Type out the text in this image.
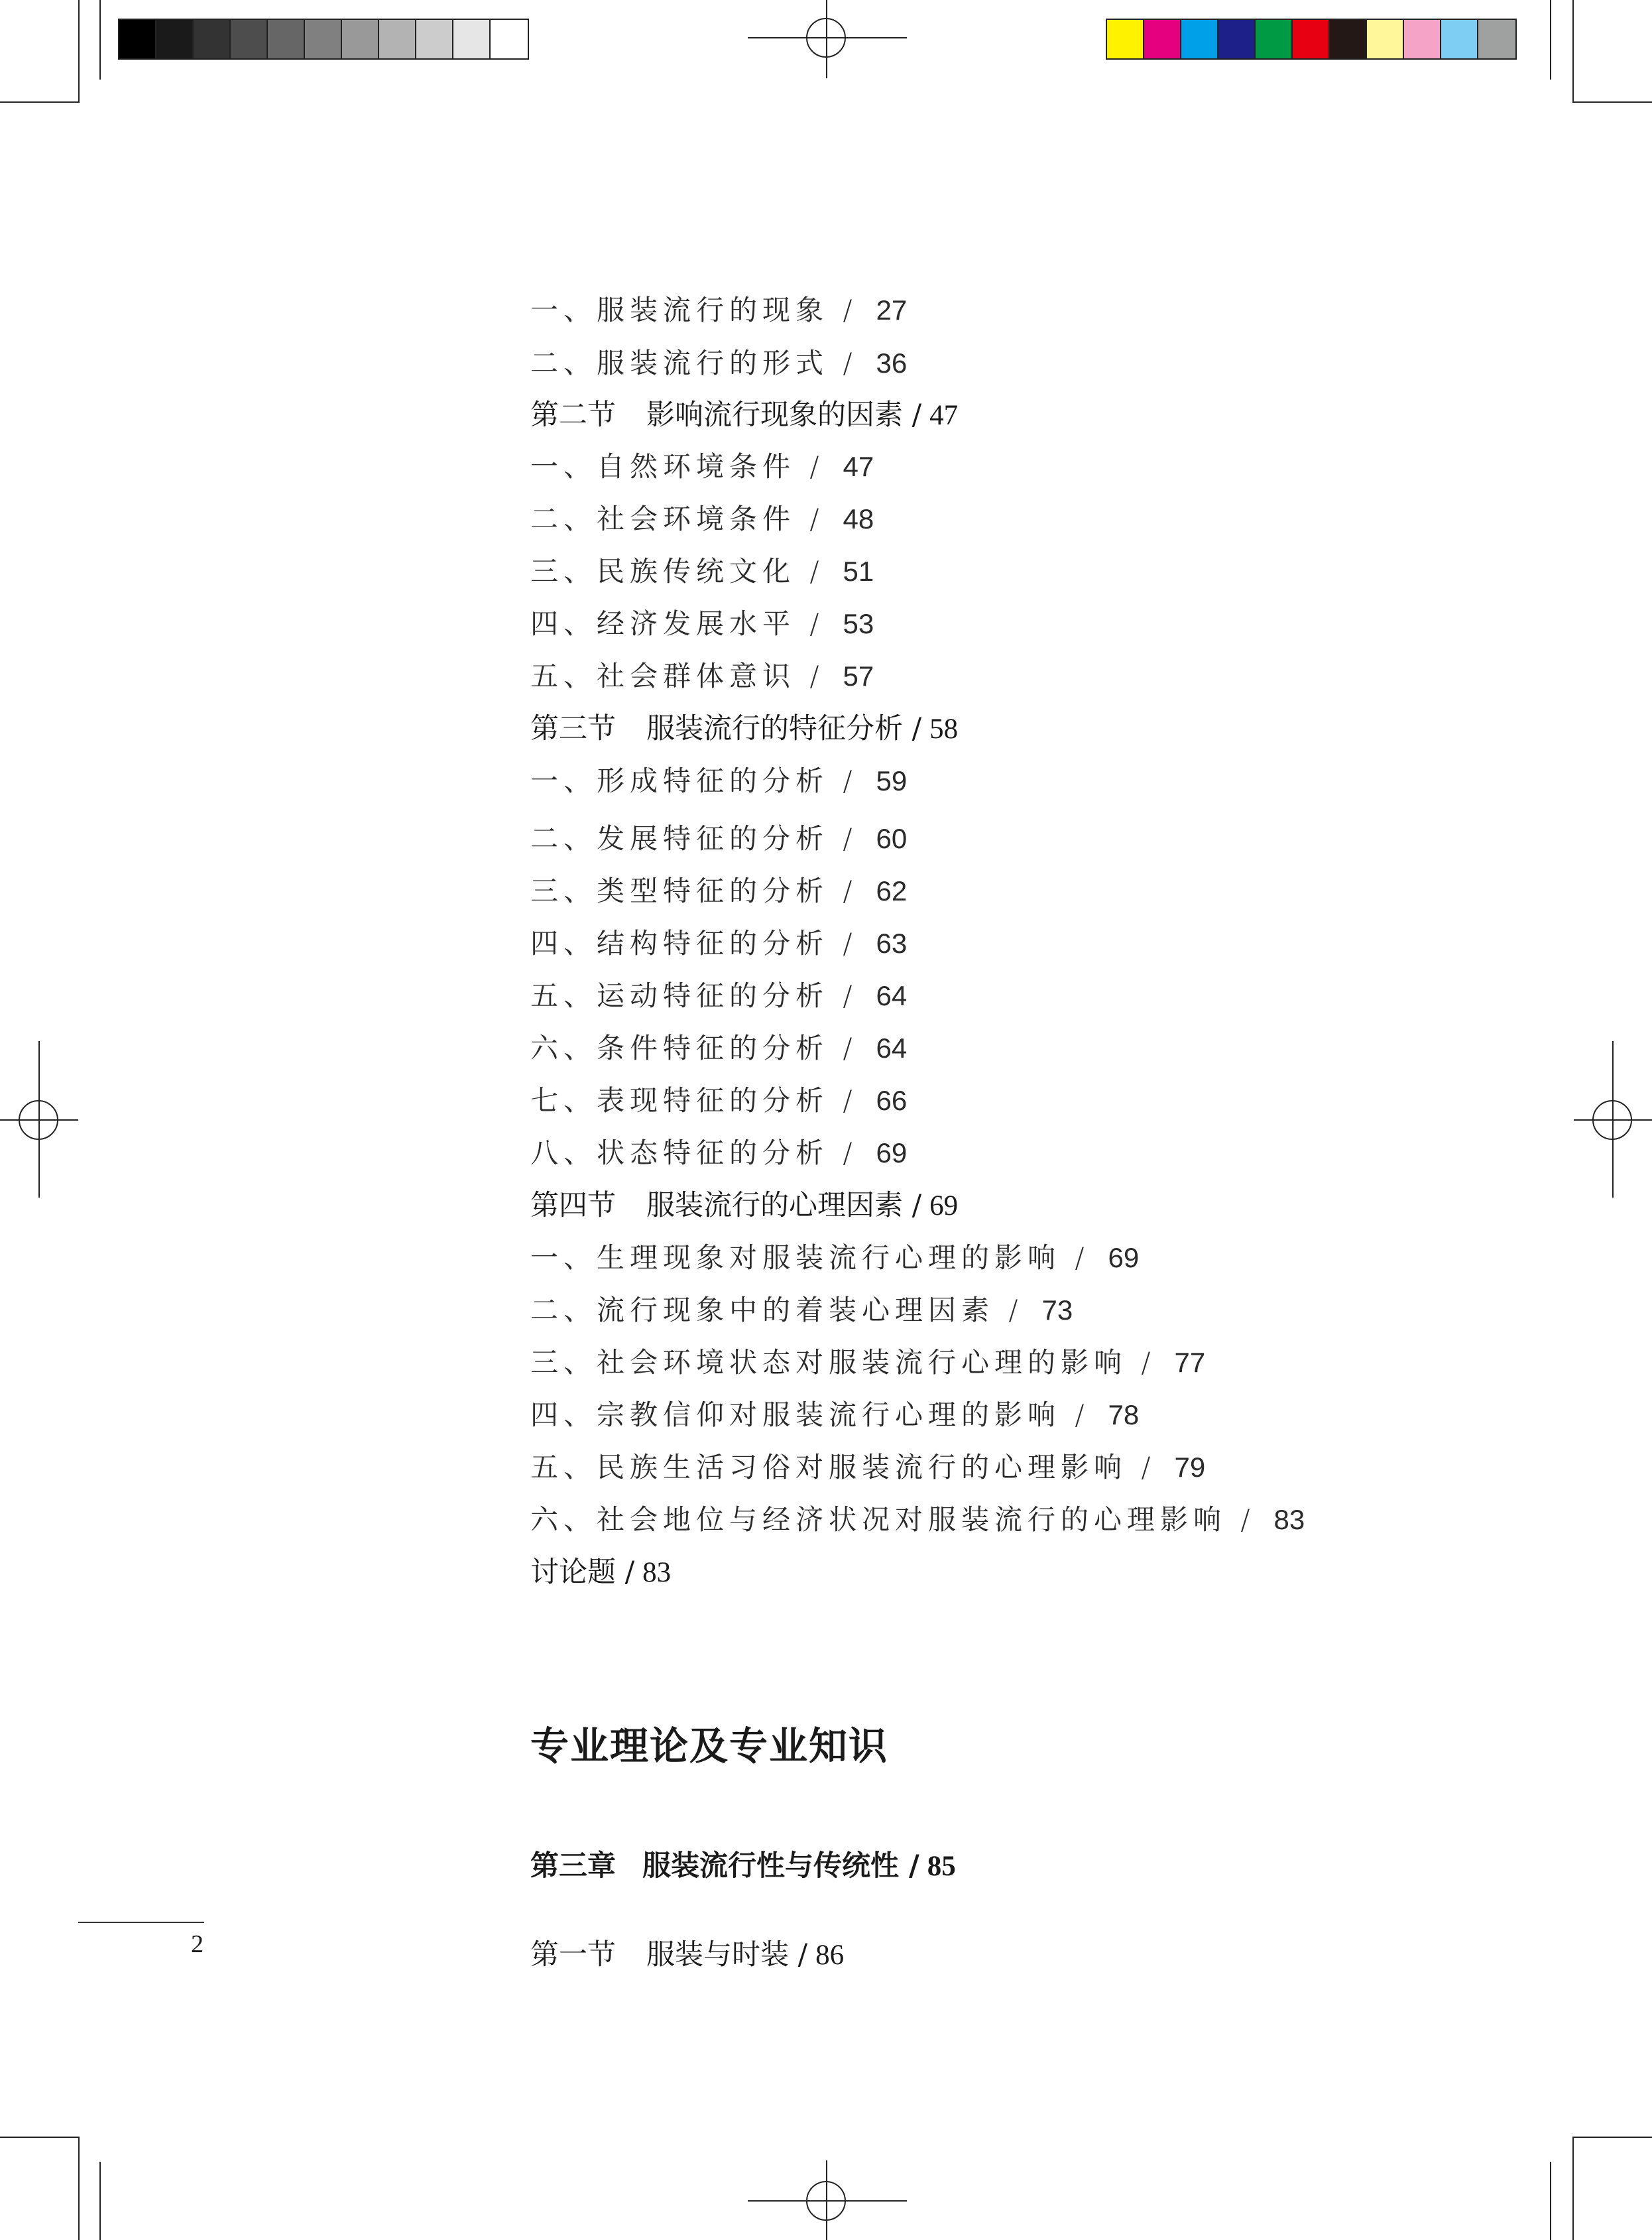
一、服装流行的现象 / 27
二、服装流行的形式 / 36
第二节 影响流行现象的因素 / 47
一、自然环境条件 / 47
二、社会环境条件 / 48
三、民族传统文化 / 51
四、经济发展水平 / 53
五、社会群体意识 / 57
第三节 服装流行的特征分析 / 58
一、形成特征的分析 / 59
二、发展特征的分析 / 60
三、类型特征的分析 / 62
四、结构特征的分析 / 63
五、运动特征的分析 / 64
六、条件特征的分析 / 64
七、表现特征的分析 / 66
八、状态特征的分析 / 69
第四节 服装流行的心理因素 / 69
一、生理现象对服装流行心理的影响 / 69
二、流行现象中的着装心理因素 / 73
三、社会环境状态对服装流行心理的影响 / 77
四、宗教信仰对服装流行心理的影响 / 78
五、民族生活习俗对服装流行的心理影响 / 79
六、社会地位与经济状况对服装流行的心理影响 / 83
讨论题 / 83
专业理论及专业知识
第三章 服装流行性与传统性 / 85
第一节 服装与时装 / 86
2
